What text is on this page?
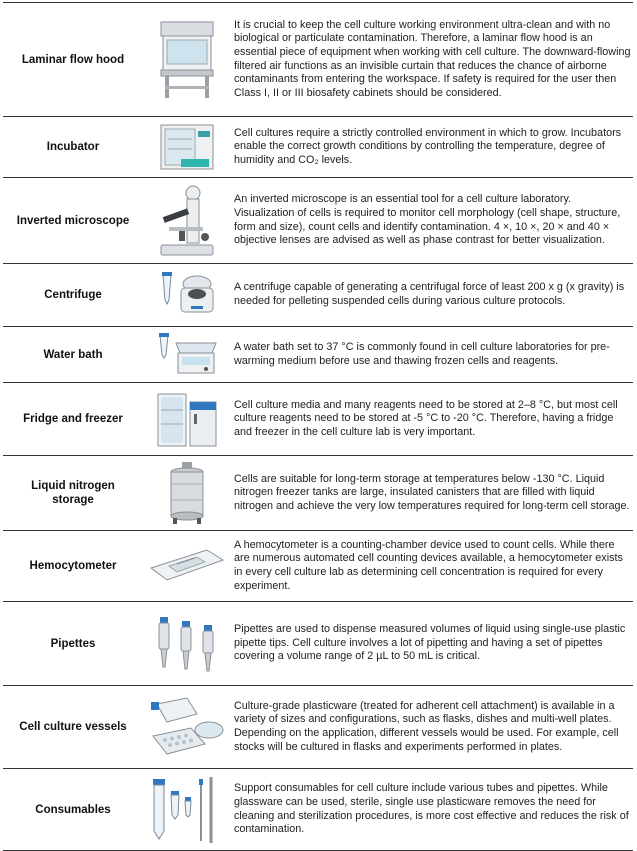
Laminar flow hood
It is crucial to keep the cell culture working environment ultra-clean and with no biological or particulate contamination. Therefore, a laminar flow hood is an essential piece of equipment when working with cell culture. The downward-flowing filtered air functions as an invisible curtain that reduces the chance of airborne contaminants from entering the workspace. If safety is required for the user then Class I, II or III biosafety cabinets should be considered.
Incubator
Cell cultures require a strictly controlled environment in which to grow. Incubators enable the correct growth conditions by controlling the temperature, degree of humidity and CO₂ levels.
Inverted microscope
An inverted microscope is an essential tool for a cell culture laboratory. Visualization of cells is required to monitor cell morphology (cell shape, structure, form and size), count cells and identify contamination. 4 ×, 10 ×, 20 × and 40 × objective lenses are advised as well as phase contrast for better visualization.
Centrifuge
A centrifuge capable of generating a centrifugal force of least 200 x g (x gravity) is needed for pelleting suspended cells during various culture protocols.
Water bath
A water bath set to 37 °C is commonly found in cell culture laboratories for pre-warming medium before use and thawing frozen cells and reagents.
Fridge and freezer
Cell culture media and many reagents need to be stored at 2–8 °C, but most cell culture reagents need to be stored at -5 °C to -20 °C. Therefore, having a fridge and freezer in the cell culture lab is very important.
Liquid nitrogen storage
Cells are suitable for long-term storage at temperatures below -130 °C. Liquid nitrogen freezer tanks are large, insulated canisters that are filled with liquid nitrogen and achieve the very low temperatures required for long-term cell storage.
Hemocytometer
A hemocytometer is a counting-chamber device used to count cells. While there are numerous automated cell counting devices available, a hemocytometer exists in every cell culture lab as determining cell concentration is required for every experiment.
Pipettes
Pipettes are used to dispense measured volumes of liquid using single-use plastic pipette tips. Cell culture involves a lot of pipetting and having a set of pipettes covering a volume range of 2 µL to 50 mL is critical.
Cell culture vessels
Culture-grade plasticware (treated for adherent cell attachment) is available in a variety of sizes and configurations, such as flasks, dishes and multi-well plates. Depending on the application, different vessels would be used. For example, cell stocks will be cultured in flasks and experiments performed in plates.
Consumables
Support consumables for cell culture include various tubes and pipettes. While glassware can be used, sterile, single use plasticware removes the need for cleaning and sterilization procedures, is more cost effective and reduces the risk of contamination.
